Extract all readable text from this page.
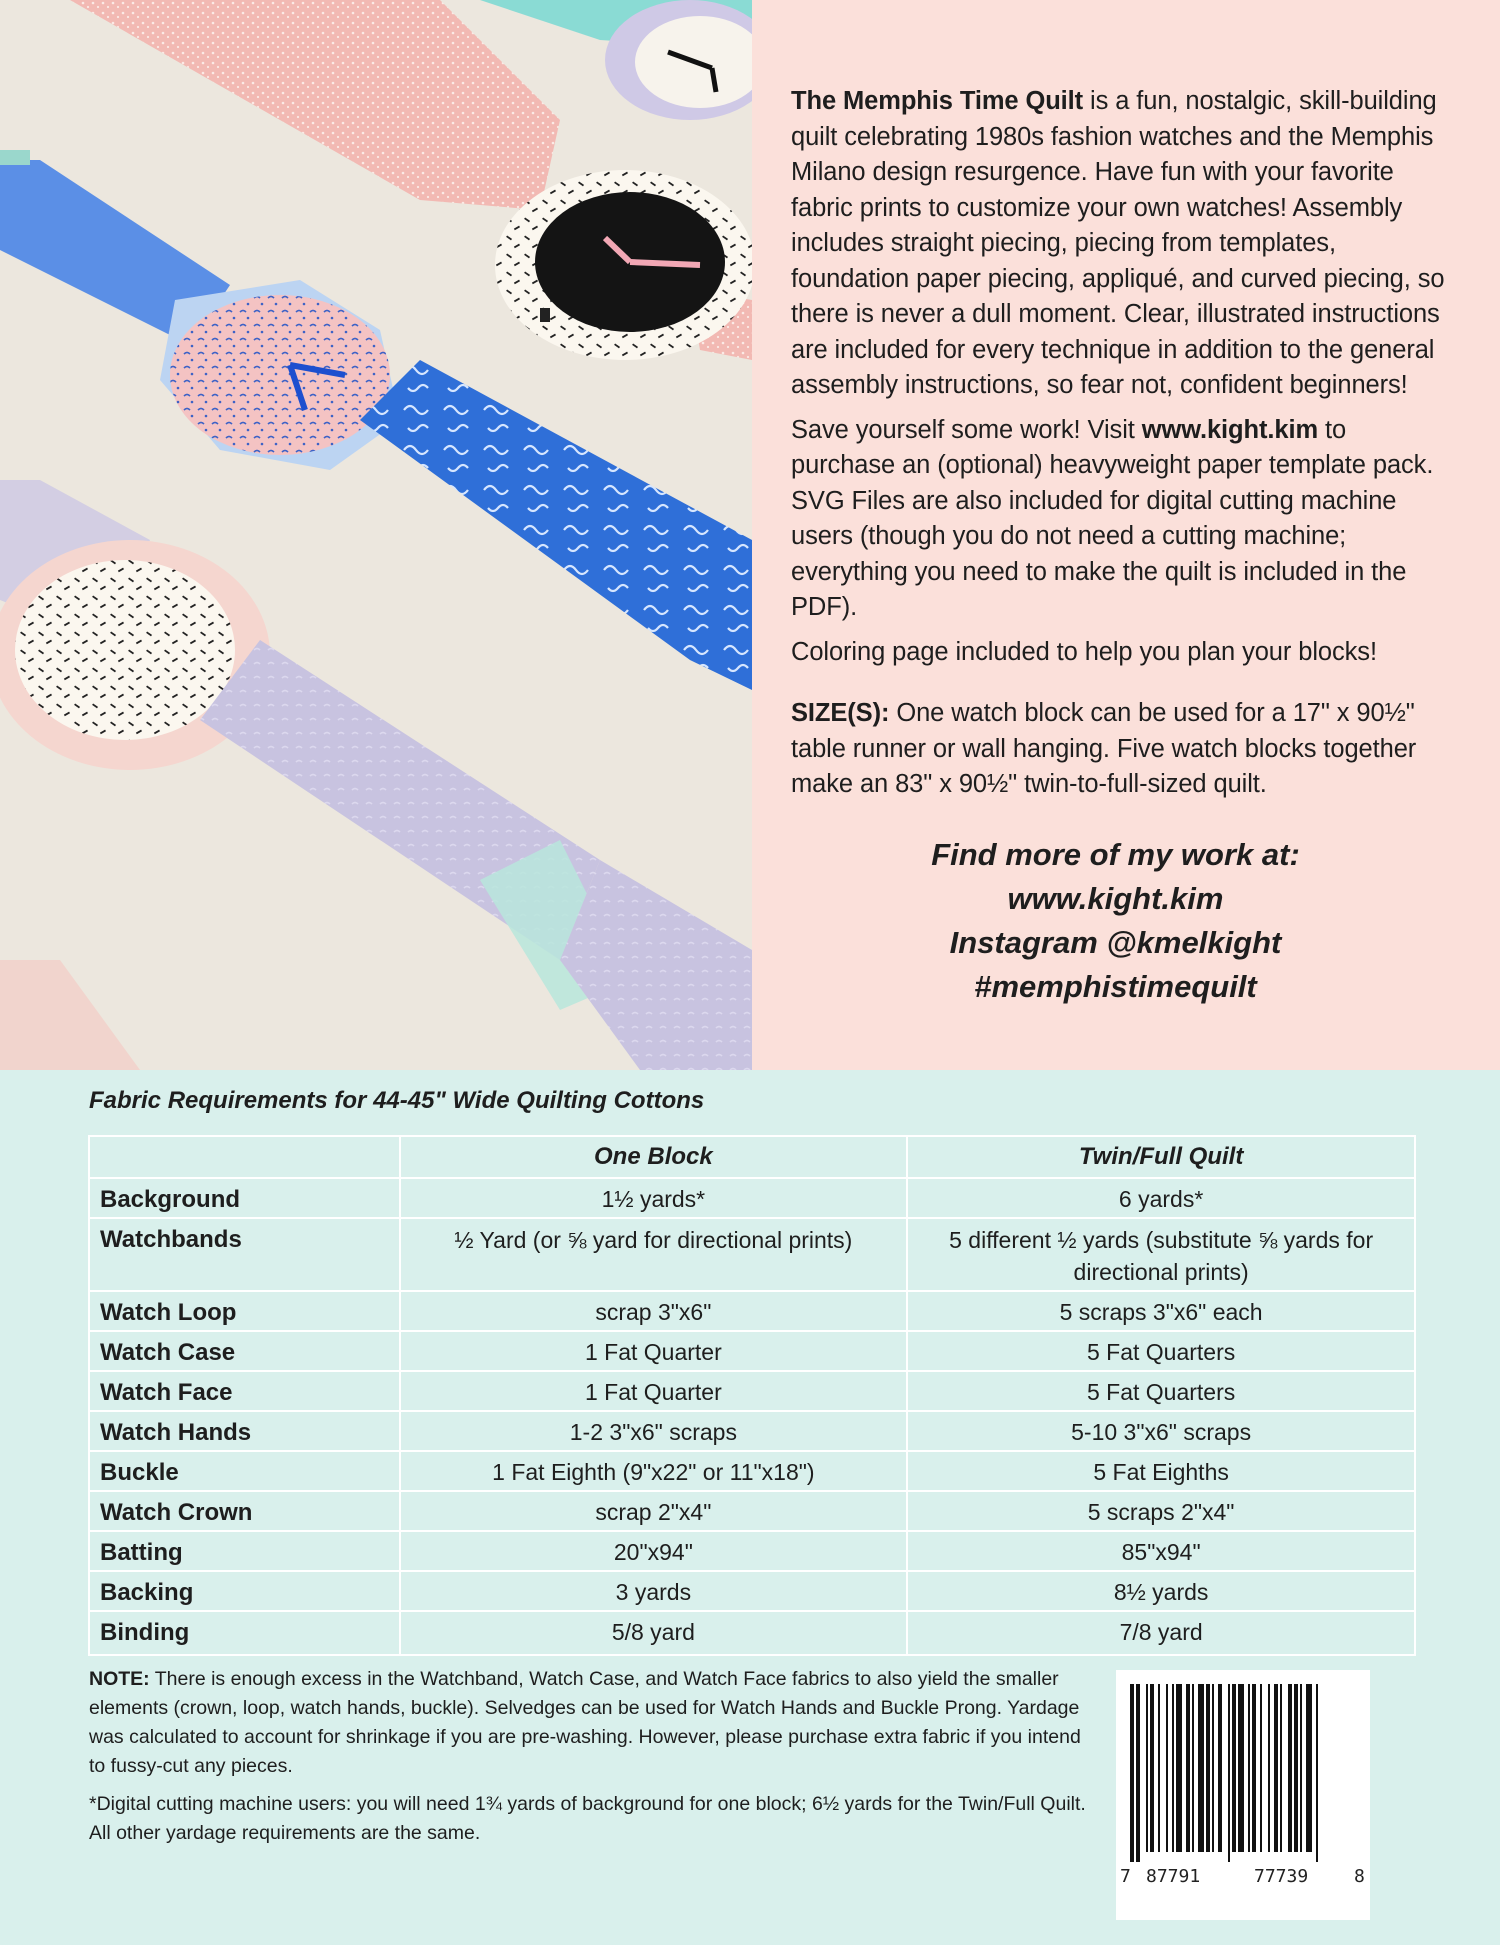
The Memphis Time Quilt is a fun, nostalgic, skill-building quilt celebrating 1980s fashion watches and the Memphis Milano design resurgence. Have fun with your favorite fabric prints to customize your own watches! Assembly includes straight piecing, piecing from templates, foundation paper piecing, appliqué, and curved piecing, so there is never a dull moment. Clear, illustrated instructions are included for every technique in addition to the general assembly instructions, so fear not, confident beginners!

Save yourself some work! Visit www.kight.kim to purchase an (optional) heavyweight paper template pack. SVG Files are also included for digital cutting machine users (though you do not need a cutting machine; everything you need to make the quilt is included in the PDF).

Coloring page included to help you plan your blocks!

SIZE(S): One watch block can be used for a 17" x 90½" table runner or wall hanging. Five watch blocks together make an 83" x 90½" twin-to-full-sized quilt.

Find more of my work at:
www.kight.kim
Instagram @kmelkight
#memphistimequilt
Fabric Requirements for 44-45" Wide Quilting Cottons
	One Block	Twin/Full Quilt
Background	1½ yards*	6 yards*
Watchbands	½ Yard (or ⅝ yard for directional prints)	5 different ½ yards (substitute ⅝ yards for directional prints)
Watch Loop	scrap 3"x6"	5 scraps 3"x6" each
Watch Case	1 Fat Quarter	5 Fat Quarters
Watch Face	1 Fat Quarter	5 Fat Quarters
Watch Hands	1-2 3"x6" scraps	5-10 3"x6" scraps
Buckle	1 Fat Eighth (9"x22" or 11"x18")	5 Fat Eighths
Watch Crown	scrap 2"x4"	5 scraps 2"x4"
Batting	20"x94"	85"x94"
Backing	3 yards	8½ yards
Binding	5/8 yard	7/8 yard

NOTE: There is enough excess in the Watchband, Watch Case, and Watch Face fabrics to also yield the smaller elements (crown, loop, watch hands, buckle). Selvedges can be used for Watch Hands and Buckle Prong. Yardage was calculated to account for shrinkage if you are pre-washing. However, please purchase extra fabric if you intend to fussy-cut any pieces.

*Digital cutting machine users: you will need 1¾ yards of background for one block; 6½ yards for the Twin/Full Quilt. All other yardage requirements are the same.

7 87791	77739	8
